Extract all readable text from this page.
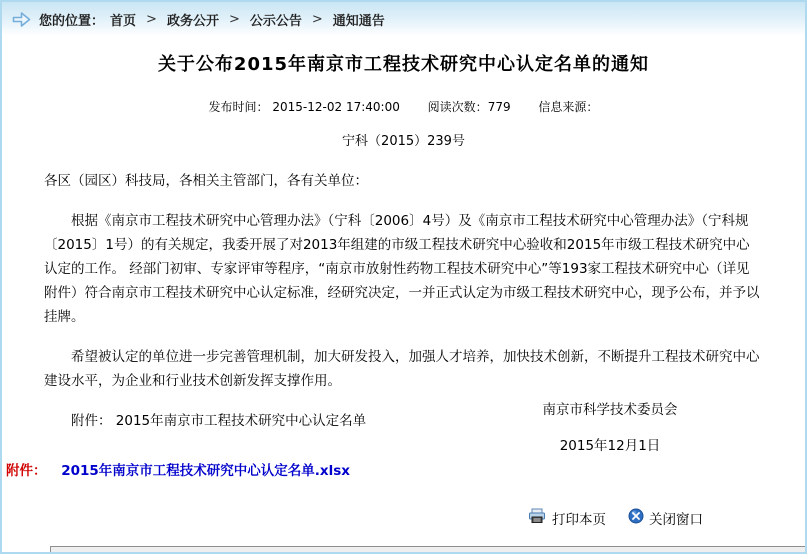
您的位置： 首页 > 政务公开 > 公示公告 > 通知通告
关于公布2015年南京市工程技术研究中心认定名单的通知
发布时间： 2015-12-02 17:40:00 阅读次数：779 信息来源：
宁科（2015）239号

各区（园区）科技局，各相关主管部门，各有关单位：

根据《南京市工程技术研究中心管理办法》（宁科〔2006〕4号）及《南京市工程技术研究中心管理办法》（宁科规〔2015〕1号）的有关规定，我委开展了对2013年组建的市级工程技术研究中心验收和2015年市级工程技术研究中心认定的工作。 经部门初审、专家评审等程序，“南京市放射性药物工程技术研究中心”等193家工程技术研究中心（详见附件）符合南京市工程技术研究中心认定标准，经研究决定，一并正式认定为市级工程技术研究中心，现予公布，并予以挂牌。

希望被认定的单位进一步完善管理机制，加大研发投入，加强人才培养，加快技术创新，不断提升工程技术研究中心建设水平，为企业和行业技术创新发挥支撑作用。

附件： 2015年南京市工程技术研究中心认定名单

南京市科学技术委员会
2015年12月1日
附件： 2015年南京市工程技术研究中心认定名单.xlsx
打印本页	关闭窗口
